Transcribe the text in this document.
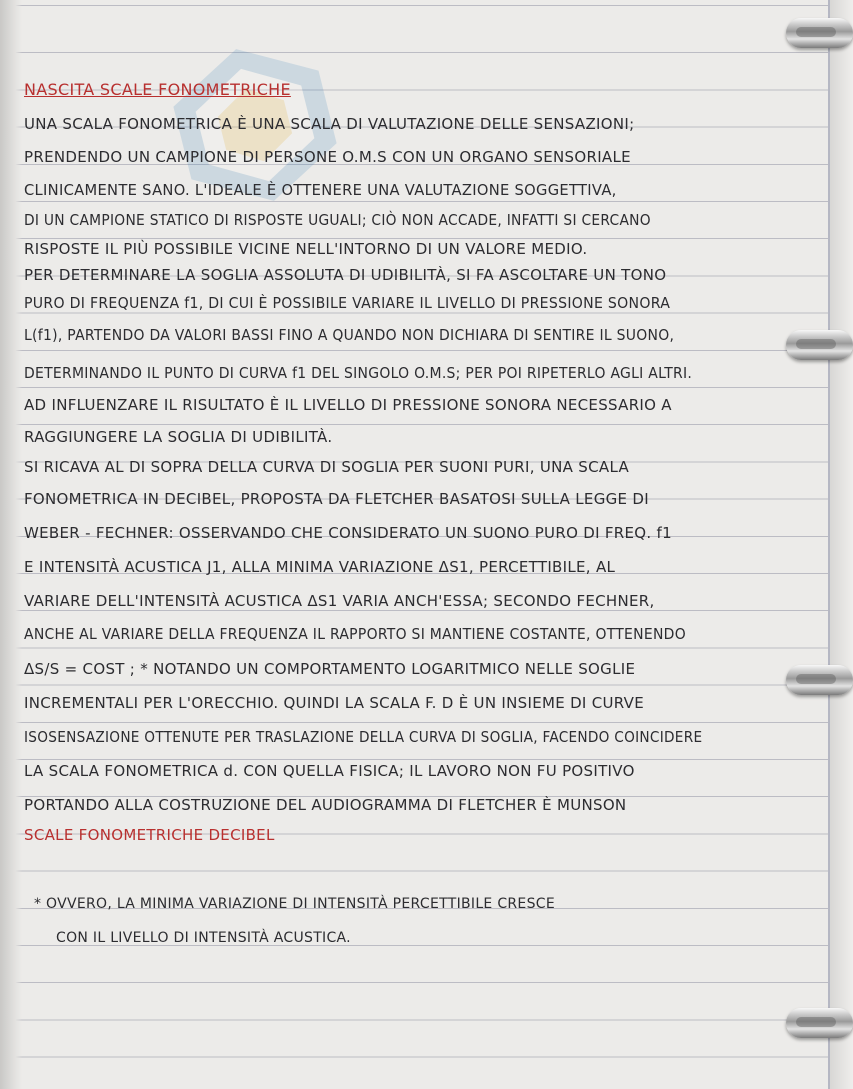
NASCITA SCALE FONOMETRICHE
UNA SCALA FONOMETRICA È UNA SCALA DI VALUTAZIONE DELLE SENSAZIONI;
PRENDENDO UN CAMPIONE DI PERSONE O.M.S CON UN ORGANO SENSORIALE
CLINICAMENTE SANO. L'IDEALE È OTTENERE UNA VALUTAZIONE SOGGETTIVA,
DI UN CAMPIONE STATICO DI RISPOSTE UGUALI; CIÒ NON ACCADE, INFATTI SI CERCANO
RISPOSTE IL PIÙ POSSIBILE VICINE NELL'INTORNO DI UN VALORE MEDIO.
PER DETERMINARE LA SOGLIA ASSOLUTA DI UDIBILITÀ, SI FA ASCOLTARE UN TONO
PURO DI FREQUENZA f1, DI CUI È POSSIBILE VARIARE IL LIVELLO DI PRESSIONE SONORA
L(f1), PARTENDO DA VALORI BASSI FINO A QUANDO NON DICHIARA DI SENTIRE IL SUONO,
DETERMINANDO IL PUNTO DI CURVA f1 DEL SINGOLO O.M.S; PER POI RIPETERLO AGLI ALTRI.
AD INFLUENZARE IL RISULTATO È IL LIVELLO DI PRESSIONE SONORA NECESSARIO A
RAGGIUNGERE LA SOGLIA DI UDIBILITÀ.
SI RICAVA AL DI SOPRA DELLA CURVA DI SOGLIA PER SUONI PURI, UNA SCALA
FONOMETRICA IN DECIBEL, PROPOSTA DA FLETCHER BASATOSI SULLA LEGGE DI
WEBER - FECHNER: OSSERVANDO CHE CONSIDERATO UN SUONO PURO DI FREQ. f1
E INTENSITÀ ACUSTICA J1, ALLA MINIMA VARIAZIONE ΔS1, PERCETTIBILE, AL
VARIARE DELL'INTENSITÀ ACUSTICA ΔS1 VARIA ANCH'ESSA; SECONDO FECHNER,
ANCHE AL VARIARE DELLA FREQUENZA IL RAPPORTO SI MANTIENE COSTANTE, OTTENENDO
ΔS/S = COST ; * NOTANDO UN COMPORTAMENTO LOGARITMICO NELLE SOGLIE
INCREMENTALI PER L'ORECCHIO. QUINDI LA SCALA F. D È UN INSIEME DI CURVE
ISOSENSAZIONE OTTENUTE PER TRASLAZIONE DELLA CURVA DI SOGLIA, FACENDO COINCIDERE
LA SCALA FONOMETRICA d. CON QUELLA FISICA; IL LAVORO NON FU POSITIVO
PORTANDO ALLA COSTRUZIONE DEL AUDIOGRAMMA DI FLETCHER È MUNSON
SCALE FONOMETRICHE DECIBEL
* OVVERO, LA MINIMA VARIAZIONE DI INTENSITÀ PERCETTIBILE CRESCE
CON IL LIVELLO DI INTENSITÀ ACUSTICA.
